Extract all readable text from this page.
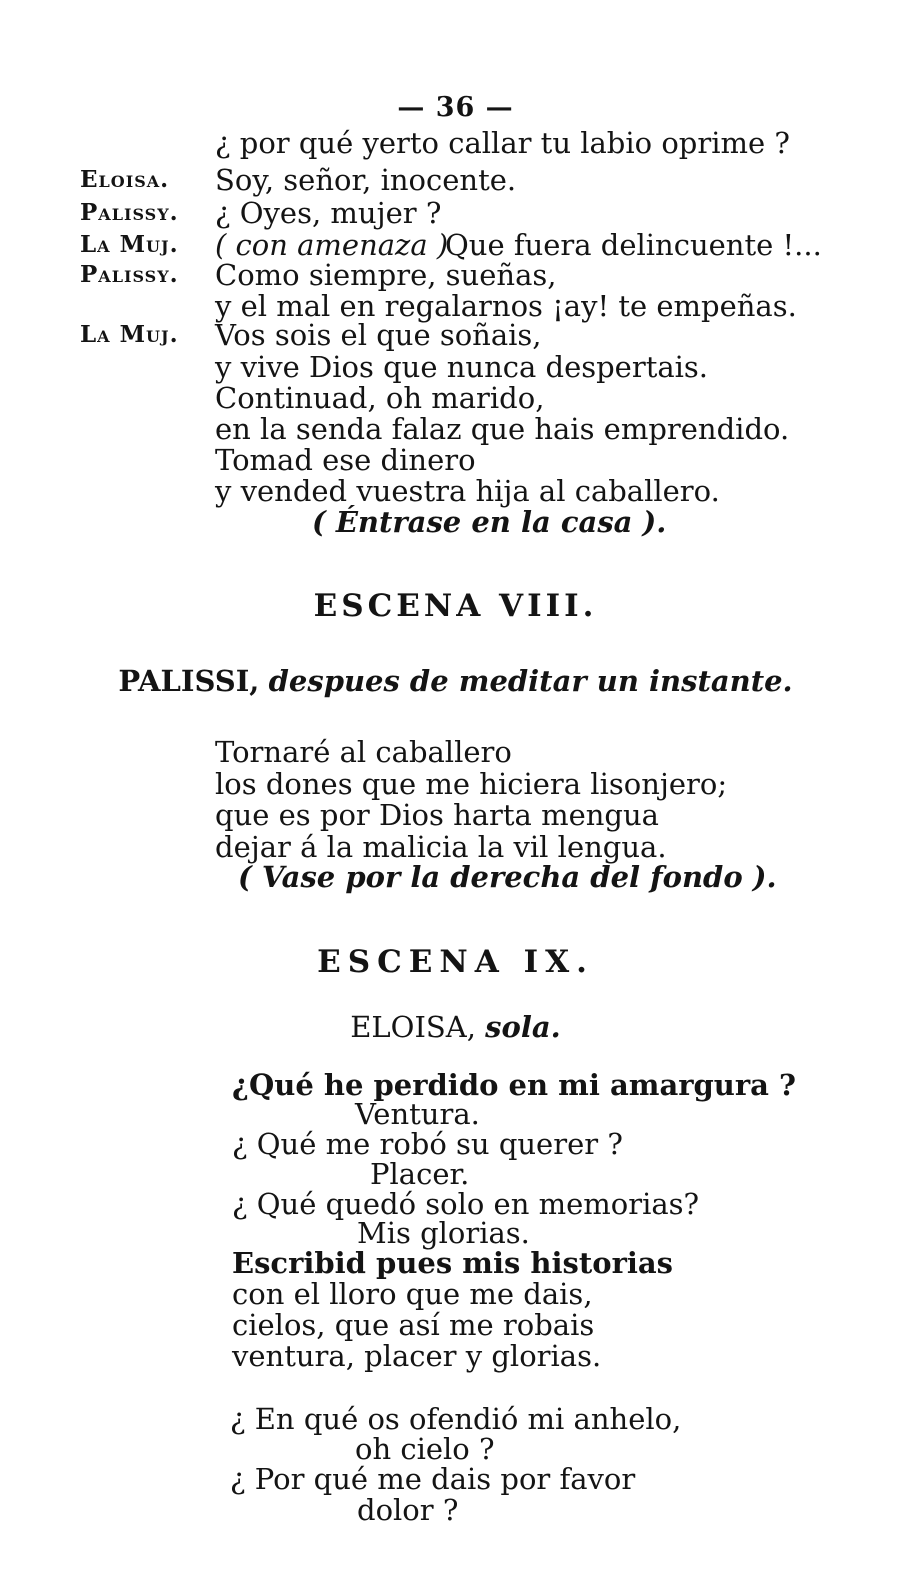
— 36 —
¿ por qué yerto callar tu labio oprime ?
Eloisa. Soy, señor, inocente.
Palissy. ¿ Oyes, mujer ?
La Muj. ( con amenaza )
Que fuera delincuente !...
Palissy. Como siempre, sueñas,
y el mal en regalarnos ¡ay! te empeñas.
La Muj. Vos sois el que soñais,
y vive Dios que nunca despertais.
Continuad, oh marido,
en la senda falaz que hais emprendido.
Tomad ese dinero
y vended vuestra hija al caballero.
( Éntrase en la casa ).
ESCENA VIII.
PALISSI, despues de meditar un instante.
Tornaré al caballero
los dones que me hiciera lisonjero;
que es por Dios harta mengua
dejar á la malicia la vil lengua.
( Vase por la derecha del fondo ).
ESCENA IX.
ELOISA, sola.
¿Qué he perdido en mi amargura ?
Ventura.
¿ Qué me robó su querer ?
Placer.
¿ Qué quedó solo en memorias?
Mis glorias.
Escribid pues mis historias
con el lloro que me dais,
cielos, que así me robais
ventura, placer y glorias.
¿ En qué os ofendió mi anhelo,
oh cielo ?
¿ Por qué me dais por favor
dolor ?
